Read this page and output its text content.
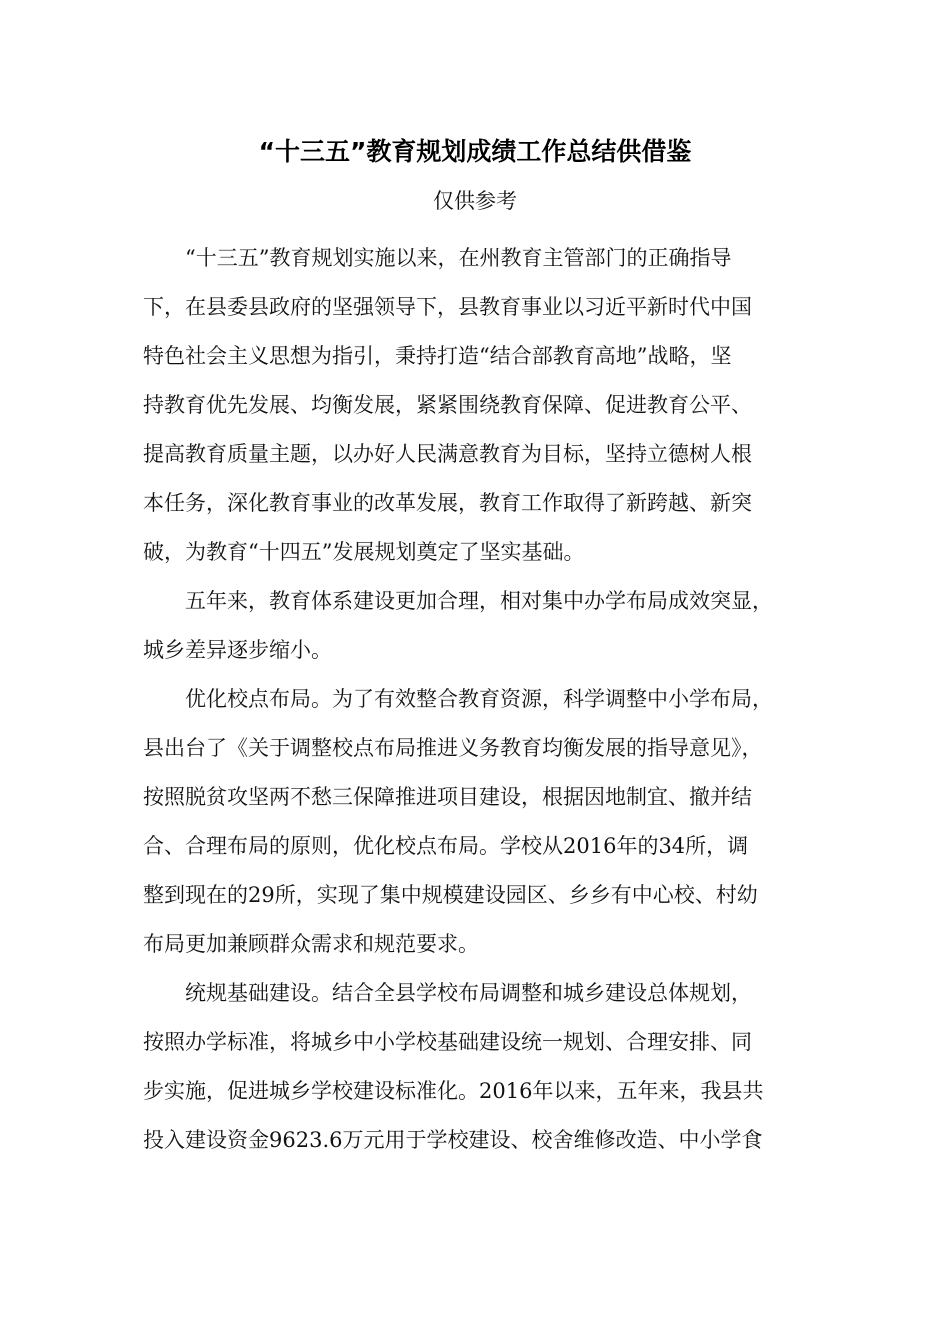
“十三五”教育规划成绩工作总结供借鉴
仅供参考
　　“十三五”教育规划实施以来，在州教育主管部门的正确指导
下，在县委县政府的坚强领导下，县教育事业以习近平新时代中国
特色社会主义思想为指引，秉持打造“结合部教育高地”战略，坚
持教育优先发展、均衡发展，紧紧围绕教育保障、促进教育公平、
提高教育质量主题，以办好人民满意教育为目标，坚持立德树人根
本任务，深化教育事业的改革发展，教育工作取得了新跨越、新突
破，为教育“十四五”发展规划奠定了坚实基础。
　　五年来，教育体系建设更加合理，相对集中办学布局成效突显，
城乡差异逐步缩小。
　　优化校点布局。为了有效整合教育资源，科学调整中小学布局，
县出台了《关于调整校点布局推进义务教育均衡发展的指导意见》，
按照脱贫攻坚两不愁三保障推进项目建设，根据因地制宜、撤并结
合、合理布局的原则，优化校点布局。学校从2016年的34所，调
整到现在的29所，实现了集中规模建设园区、乡乡有中心校、村幼
布局更加兼顾群众需求和规范要求。
　　统规基础建设。结合全县学校布局调整和城乡建设总体规划，
按照办学标准，将城乡中小学校基础建设统一规划、合理安排、同
步实施，促进城乡学校建设标准化。2016年以来，五年来，我县共
投入建设资金9623.6万元用于学校建设、校舍维修改造、中小学食
